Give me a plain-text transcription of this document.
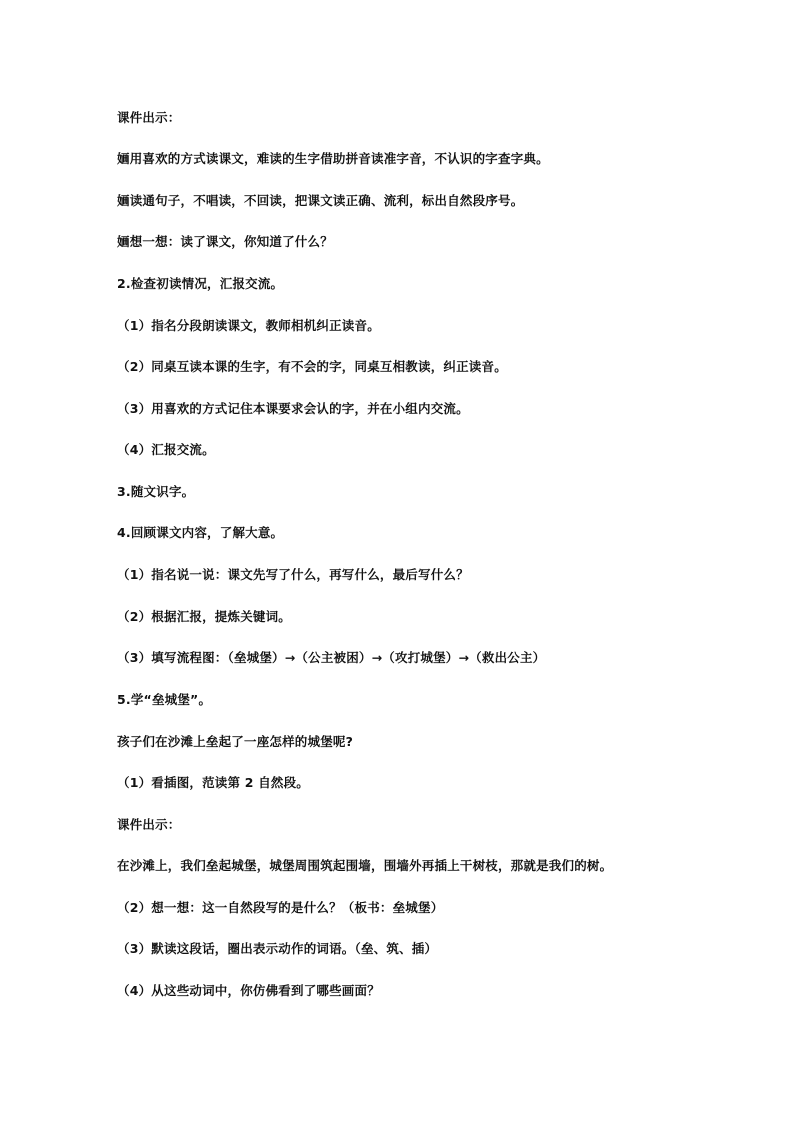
课件出示：
婳用喜欢的方式读课文，难读的生字借助拼音读准字音，不认识的字查字典。
婳读通句子，不唱读，不回读，把课文读正确、流利，标出自然段序号。
婳想一想：读了课文，你知道了什么？
2.检查初读情况，汇报交流。
（1）指名分段朗读课文，教师相机纠正读音。
（2）同桌互读本课的生字，有不会的字，同桌互相教读，纠正读音。
（3）用喜欢的方式记住本课要求会认的字，并在小组内交流。
（4）汇报交流。
3.随文识字。
4.回顾课文内容，了解大意。
（1）指名说一说：课文先写了什么，再写什么，最后写什么？
（2）根据汇报，提炼关键词。
（3）填写流程图：（垒城堡）→（公主被困）→（攻打城堡）→（救出公主）
5.学“垒城堡”。
孩子们在沙滩上垒起了一座怎样的城堡呢?
（1）看插图，范读第 2 自然段。
课件出示：
在沙滩上，我们垒起城堡，城堡周围筑起围墙，围墙外再插上干树枝，那就是我们的树。
（2）想一想：这一自然段写的是什么？（板书：垒城堡）
（3）默读这段话，圈出表示动作的词语。（垒、筑、插）
（4）从这些动词中，你仿佛看到了哪些画面？
